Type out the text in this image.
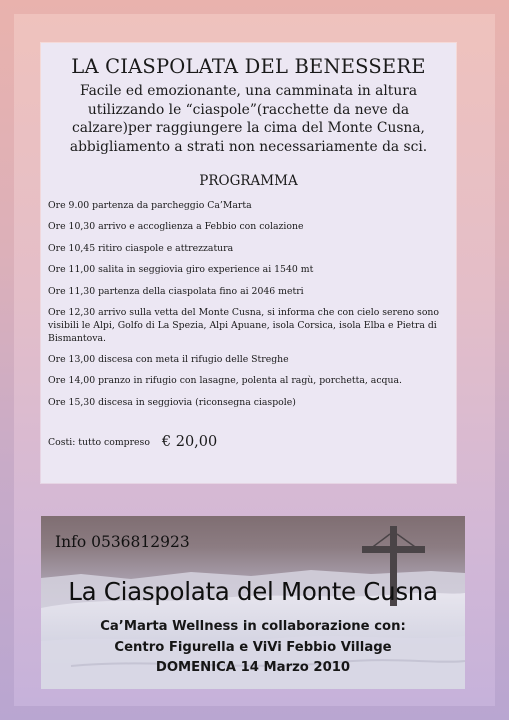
LA CIASPOLATA DEL BENESSERE
Facile ed emozionante, una camminata in altura
utilizzando le “ciaspole”(racchette da neve da
calzare)per raggiungere la cima del Monte Cusna,
abbigliamento a strati non necessariamente da sci.
PROGRAMMA
Ore 9.00 partenza da parcheggio Ca’Marta
Ore 10,30 arrivo e accoglienza a Febbio con colazione
Ore 10,45 ritiro ciaspole e attrezzatura
Ore 11,00 salita in seggiovia giro experience ai 1540 mt
Ore 11,30 partenza della ciaspolata fino ai 2046 metri
Ore 12,30 arrivo sulla vetta del Monte Cusna, si informa che con cielo sereno sono visibili le Alpi, Golfo di La Spezia, Alpi Apuane, isola Corsica, isola Elba e Pietra di Bismantova.
Ore 13,00 discesa con meta il rifugio delle Streghe
Ore 14,00 pranzo in rifugio con lasagne, polenta al ragù, porchetta, acqua.
Ore 15,30 discesa in seggiovia (riconsegna ciaspole)
Costi: tutto compreso € 20,00
Info 0536812923
La Ciaspolata del Monte Cusna
Ca’Marta Wellness in collaborazione con:
Centro Figurella e ViVi Febbio Village
DOMENICA 14 Marzo 2010
